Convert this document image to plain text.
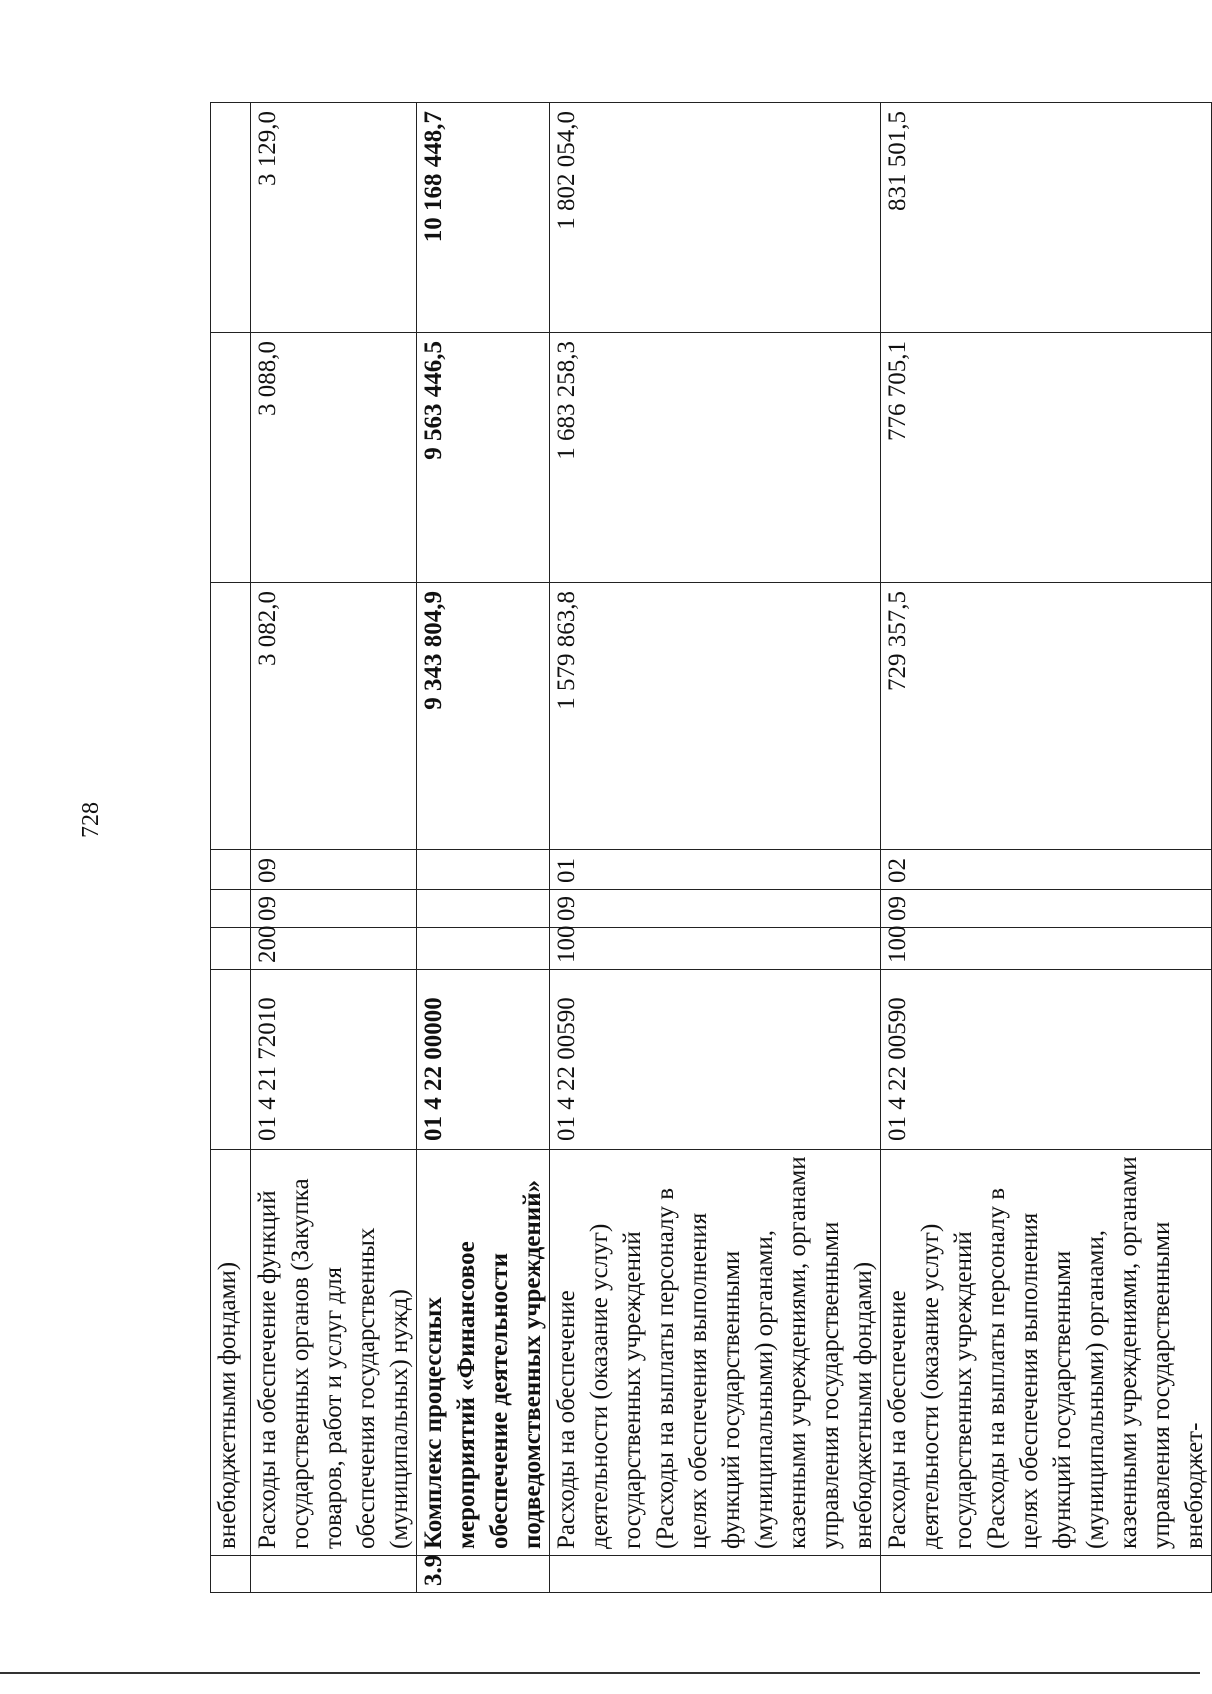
728
	внебюджетными фондами)							
	Расходы на обеспечение функций государственных органов (Закупка товаров, работ и услуг для обеспечения государственных (муниципальных) нужд)	01 4 21 72010	200	09	09	3 082,0	3 088,0	3 129,0
3.9	Комплекс процессных мероприятий «Финансовое обеспечение деятельности подведомственных учреждений»	01 4 22 00000				9 343 804,9	9 563 446,5	10 168 448,7
	Расходы на обеспечение деятельности (оказание услуг) государственных учреждений (Расходы на выплаты персоналу в целях обеспечения выполнения функций государственными (муниципальными) органами, казенными учреждениями, органами управления государственными внебюджетными фондами)	01 4 22 00590	100	09	01	1 579 863,8	1 683 258,3	1 802 054,0
	Расходы на обеспечение деятельности (оказание услуг) государственных учреждений (Расходы на выплаты персоналу в целях обеспечения выполнения функций государственными (муниципальными) органами, казенными учреждениями, органами управления государственными внебюджет-	01 4 22 00590	100	09	02	729 357,5	776 705,1	831 501,5
